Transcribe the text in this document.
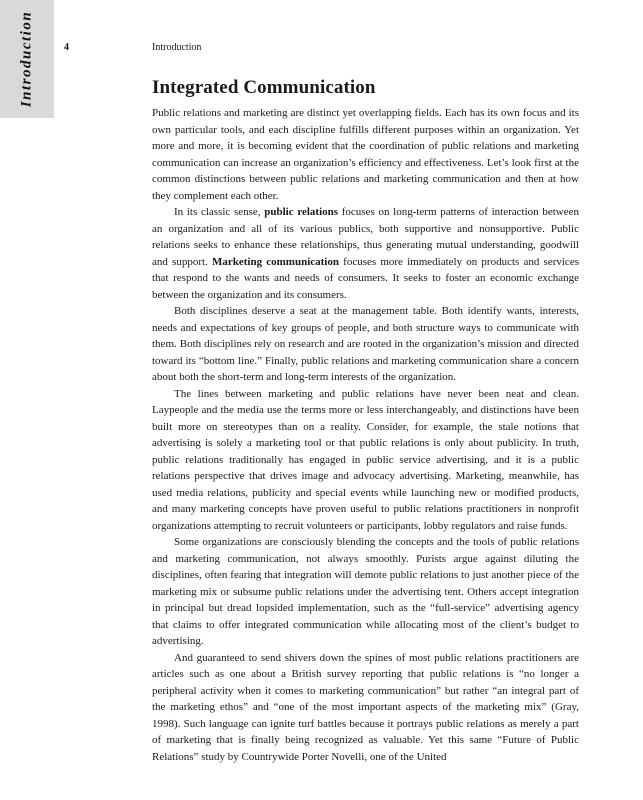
Introduction	4	Introduction
Integrated Communication

Public relations and marketing are distinct yet overlapping fields. Each has its own focus and its own particular tools, and each discipline fulfills different purposes within an organization. Yet more and more, it is becoming evident that the coordination of public relations and marketing communication can increase an organization’s efficiency and effectiveness. Let’s look first at the common distinctions between public relations and marketing communication and then at how they complement each other.

In its classic sense, public relations focuses on long-term patterns of interaction between an organization and all of its various publics, both supportive and nonsupportive. Public relations seeks to enhance these relationships, thus generating mutual understanding, goodwill and support. Marketing communication focuses more immediately on products and services that respond to the wants and needs of consumers. It seeks to foster an economic exchange between the organization and its consumers.

Both disciplines deserve a seat at the management table. Both identify wants, interests, needs and expectations of key groups of people, and both structure ways to communicate with them. Both disciplines rely on research and are rooted in the organization’s mission and directed toward its “bottom line.” Finally, public relations and marketing communication share a concern about both the short-term and long-term interests of the organization.

The lines between marketing and public relations have never been neat and clean. Laypeople and the media use the terms more or less interchangeably, and distinctions have been built more on stereotypes than on a reality. Consider, for example, the stale notions that advertising is solely a marketing tool or that public relations is only about publicity. In truth, public relations traditionally has engaged in public service advertising, and it is a public relations perspective that drives image and advocacy advertising. Marketing, meanwhile, has used media relations, publicity and special events while launching new or modified products, and many marketing concepts have proven useful to public relations practitioners in nonprofit organizations attempting to recruit volunteers or participants, lobby regulators and raise funds.

Some organizations are consciously blending the concepts and the tools of public relations and marketing communication, not always smoothly. Purists argue against diluting the disciplines, often fearing that integration will demote public relations to just another piece of the marketing mix or subsume public relations under the advertising tent. Others accept integration in principal but dread lopsided implementation, such as the “full-service” advertising agency that claims to offer integrated communication while allocating most of the client’s budget to advertising.

And guaranteed to send shivers down the spines of most public relations practitioners are articles such as one about a British survey reporting that public relations is “no longer a peripheral activity when it comes to marketing communication” but rather “an integral part of the marketing ethos” and “one of the most important aspects of the marketing mix” (Gray, 1998). Such language can ignite turf battles because it portrays public relations as merely a part of marketing that is finally being recognized as valuable. Yet this same “Future of Public Relations” study by Countrywide Porter Novelli, one of the United
